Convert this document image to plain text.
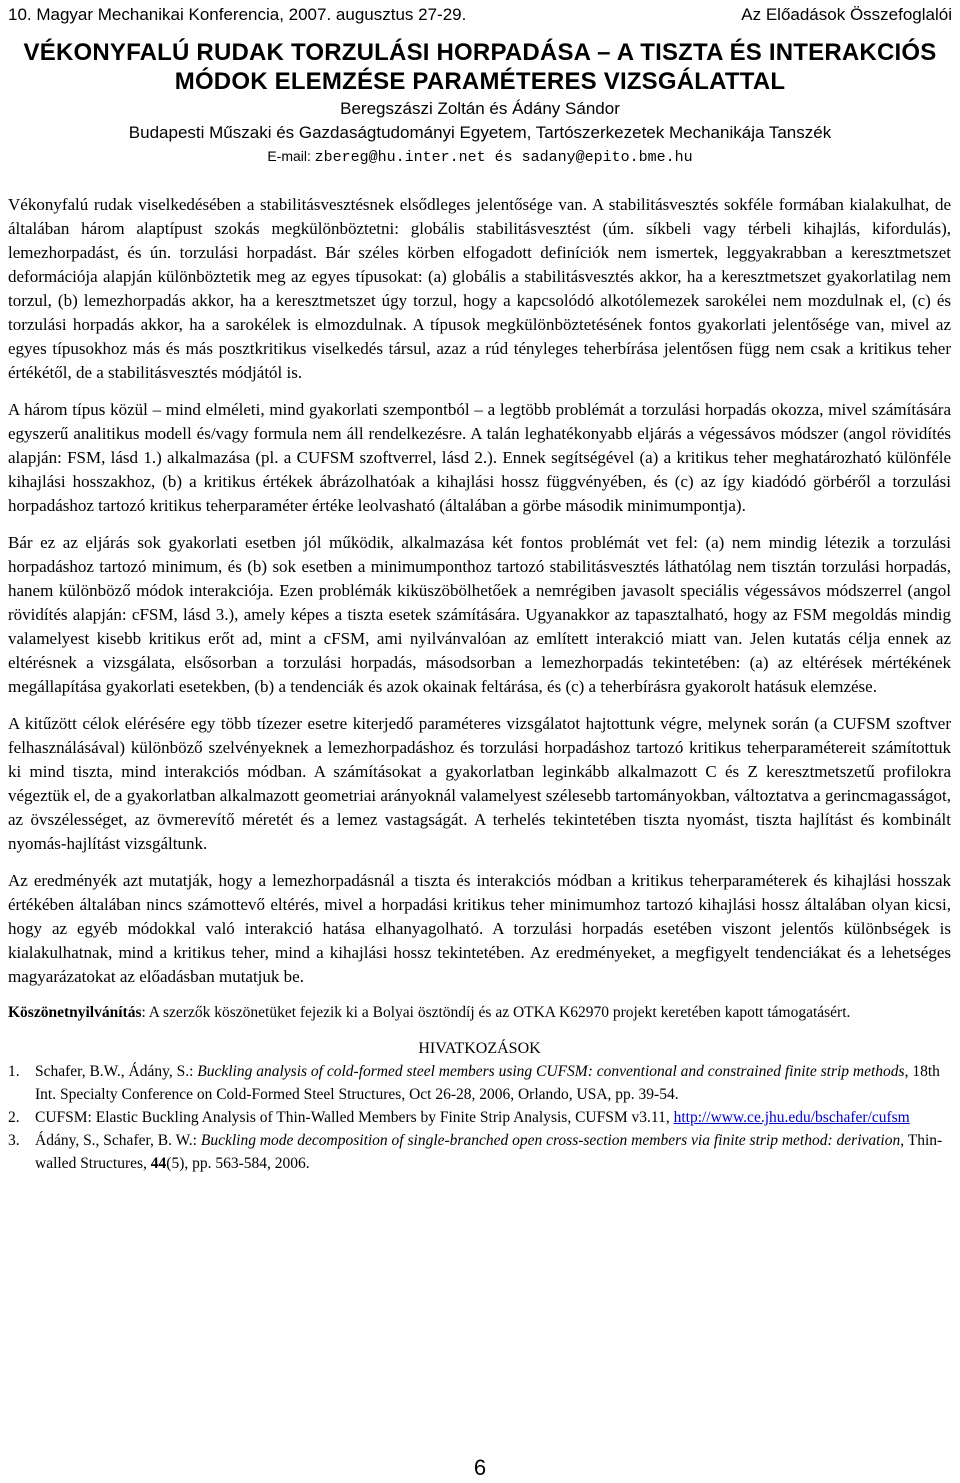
10. Magyar Mechanikai Konferencia, 2007. augusztus 27-29.	Az Előadások Összefoglalói
VÉKONYFALÚ RUDAK TORZULÁSI HORPADÁSA – A TISZTA ÉS INTERAKCIÓS
MÓDOK ELEMZÉSE PARAMÉTERES VIZSGÁLATTAL
Beregszászi Zoltán és Ádány Sándor
Budapesti Műszaki és Gazdaságtudományi Egyetem, Tartószerkezetek Mechanikája Tanszék
E-mail: zbereg@hu.inter.net és sadany@epito.bme.hu

Vékonyfalú rudak viselkedésében a stabilitásvesztésnek elsődleges jelentősége van. A stabilitásvesztés sokféle formában kialakulhat, de általában három alaptípust szokás megkülönböztetni: globális stabilitásvesztést (úm. síkbeli vagy térbeli kihajlás, kifordulás), lemezhorpadást, és ún. torzulási horpadást. Bár széles körben elfogadott definíciók nem ismertek, leggyakrabban a keresztmetszet deformációja alapján különböztetik meg az egyes típusokat: (a) globális a stabilitásvesztés akkor, ha a keresztmetszet gyakorlatilag nem torzul, (b) lemezhorpadás akkor, ha a keresztmetszet úgy torzul, hogy a kapcsolódó alkotólemezek sarokélei nem mozdulnak el, (c) és torzulási horpadás akkor, ha a sarokélek is elmozdulnak. A típusok megkülönböztetésének fontos gyakorlati jelentősége van, mivel az egyes típusokhoz más és más posztkritikus viselkedés társul, azaz a rúd tényleges teherbírása jelentősen függ nem csak a kritikus teher értékétől, de a stabilitásvesztés módjától is.

A három típus közül – mind elméleti, mind gyakorlati szempontból – a legtöbb problémát a torzulási horpadás okozza, mivel számítására egyszerű analitikus modell és/vagy formula nem áll rendelkezésre. A talán leghatékonyabb eljárás a végessávos módszer (angol rövidítés alapján: FSM, lásd 1.) alkalmazása (pl. a CUFSM szoftverrel, lásd 2.). Ennek segítségével (a) a kritikus teher meghatározható különféle kihajlási hosszakhoz, (b) a kritikus értékek ábrázolhatóak a kihajlási hossz függvényében, és (c) az így kiadódó görbéről a torzulási horpadáshoz tartozó kritikus teherparaméter értéke leolvasható (általában a görbe második minimumpontja).

Bár ez az eljárás sok gyakorlati esetben jól működik, alkalmazása két fontos problémát vet fel: (a) nem mindig létezik a torzulási horpadáshoz tartozó minimum, és (b) sok esetben a minimumponthoz tartozó stabilitásvesztés láthatólag nem tisztán torzulási horpadás, hanem különböző módok interakciója. Ezen problémák kiküszöbölhetőek a nemrégiben javasolt speciális végessávos módszerrel (angol rövidítés alapján: cFSM, lásd 3.), amely képes a tiszta esetek számítására. Ugyanakkor az tapasztalható, hogy az FSM megoldás mindig valamelyest kisebb kritikus erőt ad, mint a cFSM, ami nyilvánvalóan az említett interakció miatt van. Jelen kutatás célja ennek az eltérésnek a vizsgálata, elsősorban a torzulási horpadás, másodsorban a lemezhorpadás tekintetében: (a) az eltérések mértékének megállapítása gyakorlati esetekben, (b) a tendenciák és azok okainak feltárása, és (c) a teherbírásra gyakorolt hatásuk elemzése.

A kitűzött célok elérésére egy több tízezer esetre kiterjedő paraméteres vizsgálatot hajtottunk végre, melynek során (a CUFSM szoftver felhasználásával) különböző szelvényeknek a lemezhorpadáshoz és torzulási horpadáshoz tartozó kritikus teherparamétereit számítottuk ki mind tiszta, mind interakciós módban. A számításokat a gyakorlatban leginkább alkalmazott C és Z keresztmetszetű profilokra végeztük el, de a gyakorlatban alkalmazott geometriai arányoknál valamelyest szélesebb tartományokban, változtatva a gerincmagasságot, az övszélességet, az övmerevítő méretét és a lemez vastagságát. A terhelés tekintetében tiszta nyomást, tiszta hajlítást és kombinált nyomás-hajlítást vizsgáltunk.

Az eredményék azt mutatják, hogy a lemezhorpadásnál a tiszta és interakciós módban a kritikus teherparaméterek és kihajlási hosszak értékében általában nincs számottevő eltérés, mivel a horpadási kritikus teher minimumhoz tartozó kihajlási hossz általában olyan kicsi, hogy az egyéb módokkal való interakció hatása elhanyagolható. A torzulási horpadás esetében viszont jelentős különbségek is kialakulhatnak, mind a kritikus teher, mind a kihajlási hossz tekintetében. Az eredményeket, a megfigyelt tendenciákat és a lehetséges magyarázatokat az előadásban mutatjuk be.

Köszönetnyilvánítás: A szerzők köszönetüket fejezik ki a Bolyai ösztöndíj és az OTKA K62970 projekt keretében kapott támogatásért.
HIVATKOZÁSOK
1. Schafer, B.W., Ádány, S.: Buckling analysis of cold-formed steel members using CUFSM: conventional and constrained finite strip methods, 18th Int. Specialty Conference on Cold-Formed Steel Structures, Oct 26-28, 2006, Orlando, USA, pp. 39-54.
2. CUFSM: Elastic Buckling Analysis of Thin-Walled Members by Finite Strip Analysis, CUFSM v3.11, http://www.ce.jhu.edu/bschafer/cufsm
3. Ádány, S., Schafer, B. W.: Buckling mode decomposition of single-branched open cross-section members via finite strip method: derivation, Thin-walled Structures, 44(5), pp. 563-584, 2006.
6
